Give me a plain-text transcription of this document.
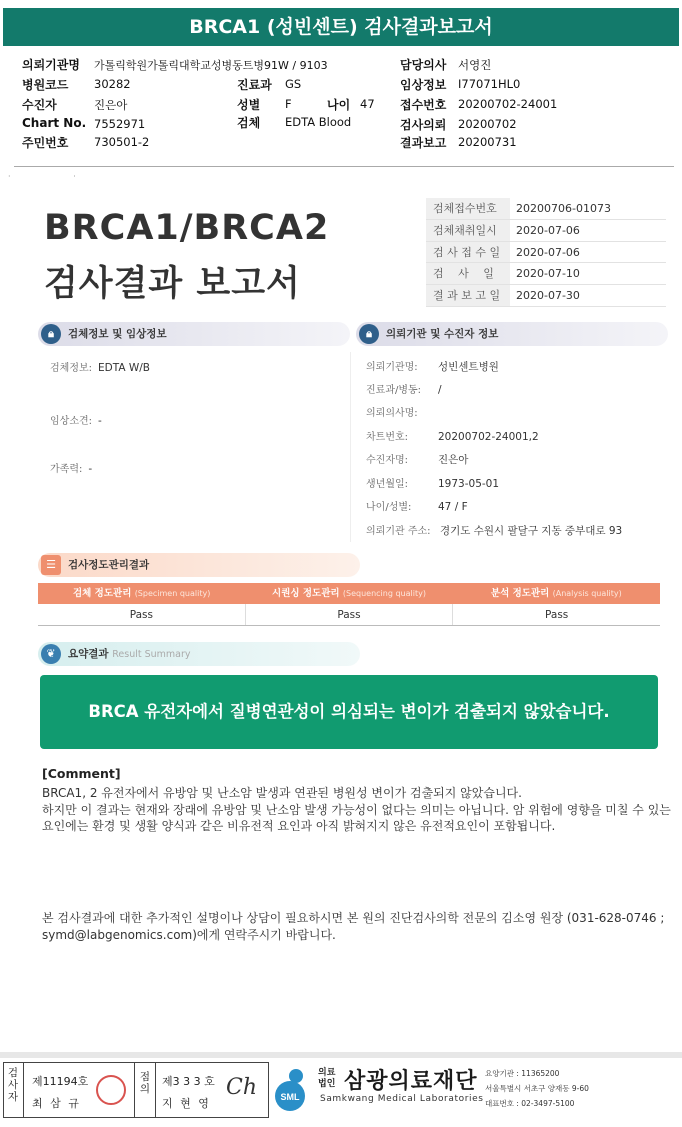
BRCA1 (성빈센트) 검사결과보고서
의뢰기관명 가톨릭학원가톨릭대학교성병동트병91W / 9103
병원코드 30282
수진자	진은아
Chart No. 7552971
주민번호 730501-2
진료과 GS
성별 F	나이 47
검체 EDTA Blood
담당의사 서영진
임상정보 I77071HL0
접수번호 20200702-24001
검사의뢰 20200702
결과보고 20200731
· ·
BRCA1/BRCA2
검사결과 보고서
검체접수번호	20200706-01073
검체채취일시	2020-07-06
검 사 접 수 일	2020-07-06
검　 사　 일	2020-07-10
결 과 보 고 일	2020-07-30
🔒︎	검체정보 및 임상정보
검체정보: EDTA W/B
임상소견: -
가족력: -
🔒︎	의뢰기관 및 수진자 정보
의뢰기관명: 성빈센트병원
진료과/병동: /
의뢰의사명:
차트번호:	20200702-24001,2
수진자명:	진은아
생년월일:	1973-05-01
나이/성별:	47 / F
의뢰기관 주소: 경기도 수원시 팔달구 지동 중부대로 93
☰	검사정도관리결과
검체 정도관리 (Specimen quality)	시퀀싱 정도관리 (Sequencing quality)	분석 정도관리 (Analysis quality)
Pass	Pass	Pass
❦	요약결과 Result Summary
BRCA 유전자에서 질병연관성이 의심되는 변이가 검출되지 않았습니다.
[Comment]
BRCA1, 2 유전자에서 유방암 및 난소암 발생과 연관된 병원성 변이가 검출되지 않았습니다.
하지만 이 결과는 현재와 장래에 유방암 및 난소암 발생 가능성이 없다는 의미는 아닙니다. 암 위험에 영향을 미칠 수 있는 요인에는 환경 및 생활 양식과 같은 비유전적 요인과 아직 밝혀지지 않은 유전적요인이 포함됩니다.
본 검사결과에 대한 추가적인 설명이나 상담이 필요하시면 본 원의 진단검사의학 전문의 김소영 원장 (031-628-0746 ; symd@labgenomics.com)에게 연락주시기 바랍니다.
검사자
제11194호
최 삼 규
점의
제3 3 3 호
지 현 영
Ch	SML
의료법인 삼광의료재단
Samkwang Medical Laboratories
요양기관 : 11365200
서울특별시 서초구 양재동 9-60
대표번호 : 02-3497-5100
